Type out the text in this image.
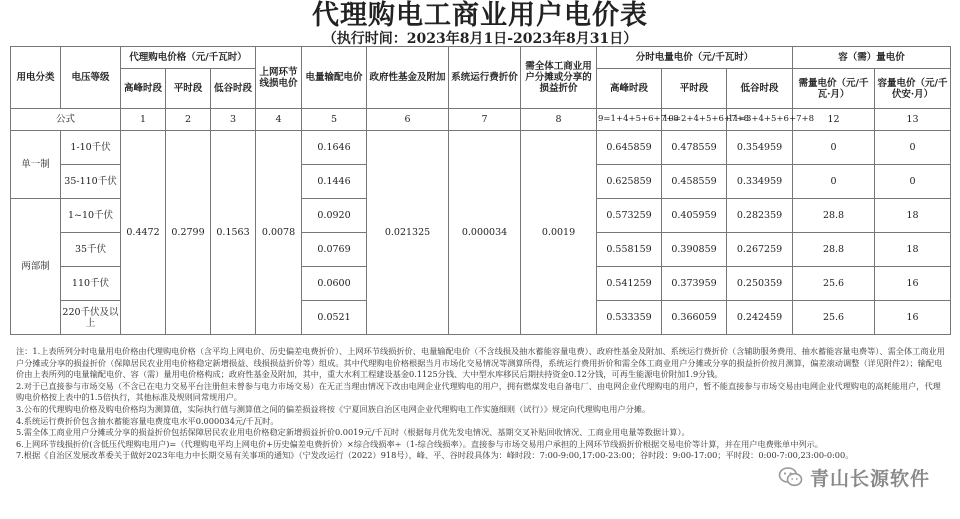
代理购电工商业用户电价表
（执行时间：2023年8月1日-2023年8月31日）
用电分类	电压等级	代理购电价格（元/千瓦时）			上网环节线损电价	电量输配电价	政府性基金及附加	系统运行费折价	需全体工商业用户分摊或分享的损益折价	分时电量电价（元/千瓦时）			容（需）量电价	
		高峰时段	平时段	低谷时段						高峰时段	平时段	低谷时段	需量电价（元/千瓦·月）	容量电价（元/千伏安·月）
公式		1	2	3	4	5	6	7	8	9=1+4+5+6+7+8	10=2+4+5+6+7+8	11=3+4+5+6+7+8	12	13
单一制	1-10千伏	0.4472	0.2799	0.1563	0.0078	0.1646	0.021325	0.000034	0.0019	0.645859	0.478559	0.354959	0	0
	35-110千伏					0.1446				0.625859	0.458559	0.334959	0	0
两部制	1~10千伏					0.0920				0.573259	0.405959	0.282359	28.8	18
	35千伏					0.0769				0.558159	0.390859	0.267259	28.8	18
	110千伏					0.0600				0.541259	0.373959	0.250359	25.6	16
	220千伏及以上					0.0521				0.533359	0.366059	0.242459	25.6	16

注：1.上表所列分时电量用电价格由代理购电价格（含平均上网电价、历史偏差电费折价）、上网环节线损折价、电量输配电价（不含线损及抽水蓄能容量电费）、政府性基金及附加、系统运行费折价（含辅助服务费用、抽水蓄能容量电费等）、需全体工商业用户分摊或分享的损益折价（保障居民农业用电价格稳定新增损益、线损损益折价等）组成。其中代理购电价格根据当月市场化交易情况等测算所得，系统运行费用折价和需全体工商业用户分摊或分享的损益折价按月测算，偏差滚动调整（详见附件2）；输配电价由上表所列的电量输配电价、容（需）量用电价格构成；政府性基金及附加，其中，重大水利工程建设基金0.1125分钱、大中型水库移民后期扶持资金0.12分钱，可再生能源电价附加1.9分钱。

2.对于已直接参与市场交易（不含已在电力交易平台注册但未曾参与电力市场交易）在无正当理由情况下改由电网企业代理购电的用户，拥有燃煤发电自备电厂、由电网企业代理购电的用户，暂不能直接参与市场交易由电网企业代理购电的高耗能用户，代理购电价格按上表中的1.5倍执行，其他标准及规则同常规用户。

3.公布的代理购电价格及购电价格均为测算值，实际执行值与测算值之间的偏差损益将按《宁夏回族自治区电网企业代理购电工作实施细则（试行）》规定向代理购电用户分摊。

4.系统运行费折价包含抽水蓄能容量电费度电水平0.000034元/千瓦时。

5.需全体工商业用户分摊或分享的损益折价包括保障居民农业用电价格稳定新增损益折价0.0019元/千瓦时（根据每月优先发电情况、基期交叉补贴回收情况、工商业用电量等数据计算）。

6.上网环节线损折价(含低压代理购电用户)=（代理购电平均上网电价+历史偏差电费折价）×综合线损率÷（1-综合线损率）。直接参与市场交易用户承担的上网环节线损折价根据交易电价等计算，并在用户电费账单中列示。

7.根据《自治区发展改革委关于做好2023年电力中长期交易有关事项的通知》（宁发改运行（2022）918号），峰、平、谷时段具体为：峰时段：7:00-9:00,17:00-23:00；谷时段：9:00-17:00；平时段：0:00-7:00,23:00-0:00。

青山长源软件
